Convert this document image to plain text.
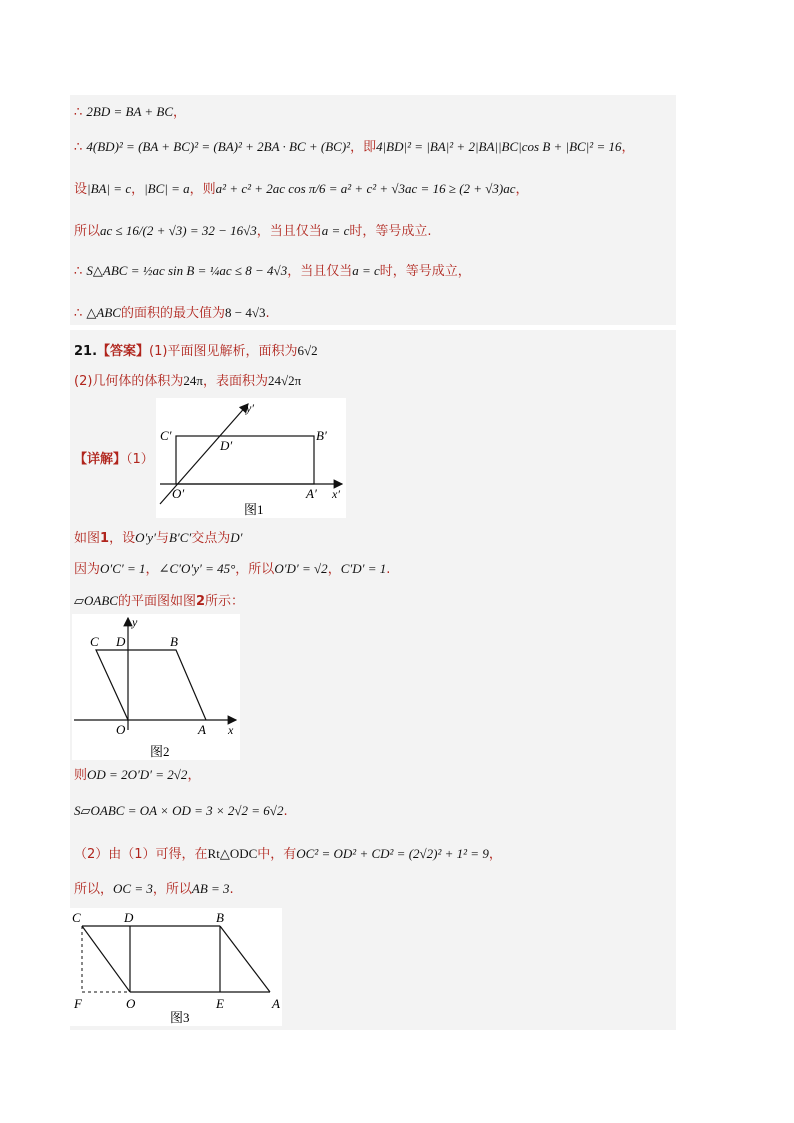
∴ 2BD = BA + BC，
∴ 4(BD)² = (BA + BC)² = (BA)² + 2BA · BC + (BC)²，即4|BD|² = |BA|² + 2|BA||BC|cos B + |BC|² = 16，
设|BA| = c，|BC| = a，则a² + c² + 2ac cos π/6 = a² + c² + √3ac = 16 ≥ (2 + √3)ac，
所以ac ≤ 16/(2 + √3) = 32 − 16√3，当且仅当a = c时，等号成立.
∴ S△ABC = ½ac sin B = ¼ac ≤ 8 − 4√3，当且仅当a = c时，等号成立，
∴ △ABC的面积的最大值为8 − 4√3.
21.【答案】(1)平面图见解析，面积为6√2
(2)几何体的体积为24π，表面积为24√2π
【详解】（1）
C′
D′
B′
O′	A′ x′
y′
图1
如图1，设O′y′与B′C′交点为D′
因为O′C′ = 1，∠C′O′y′ = 45°，所以O′D′ = √2，C′D′ = 1.
▱OABC的平面图如图2所示：
y
C D	B
O	A x
图2
则OD = 2O′D′ = 2√2，
S▱OABC = OA × OD = 3 × 2√2 = 6√2.
（2）由（1）可得，在Rt△ODC中，有OC² = OD² + CD² = (2√2)² + 1² = 9，
所以，OC = 3，所以AB = 3.
C	D	B
F	O	E	A
图3
